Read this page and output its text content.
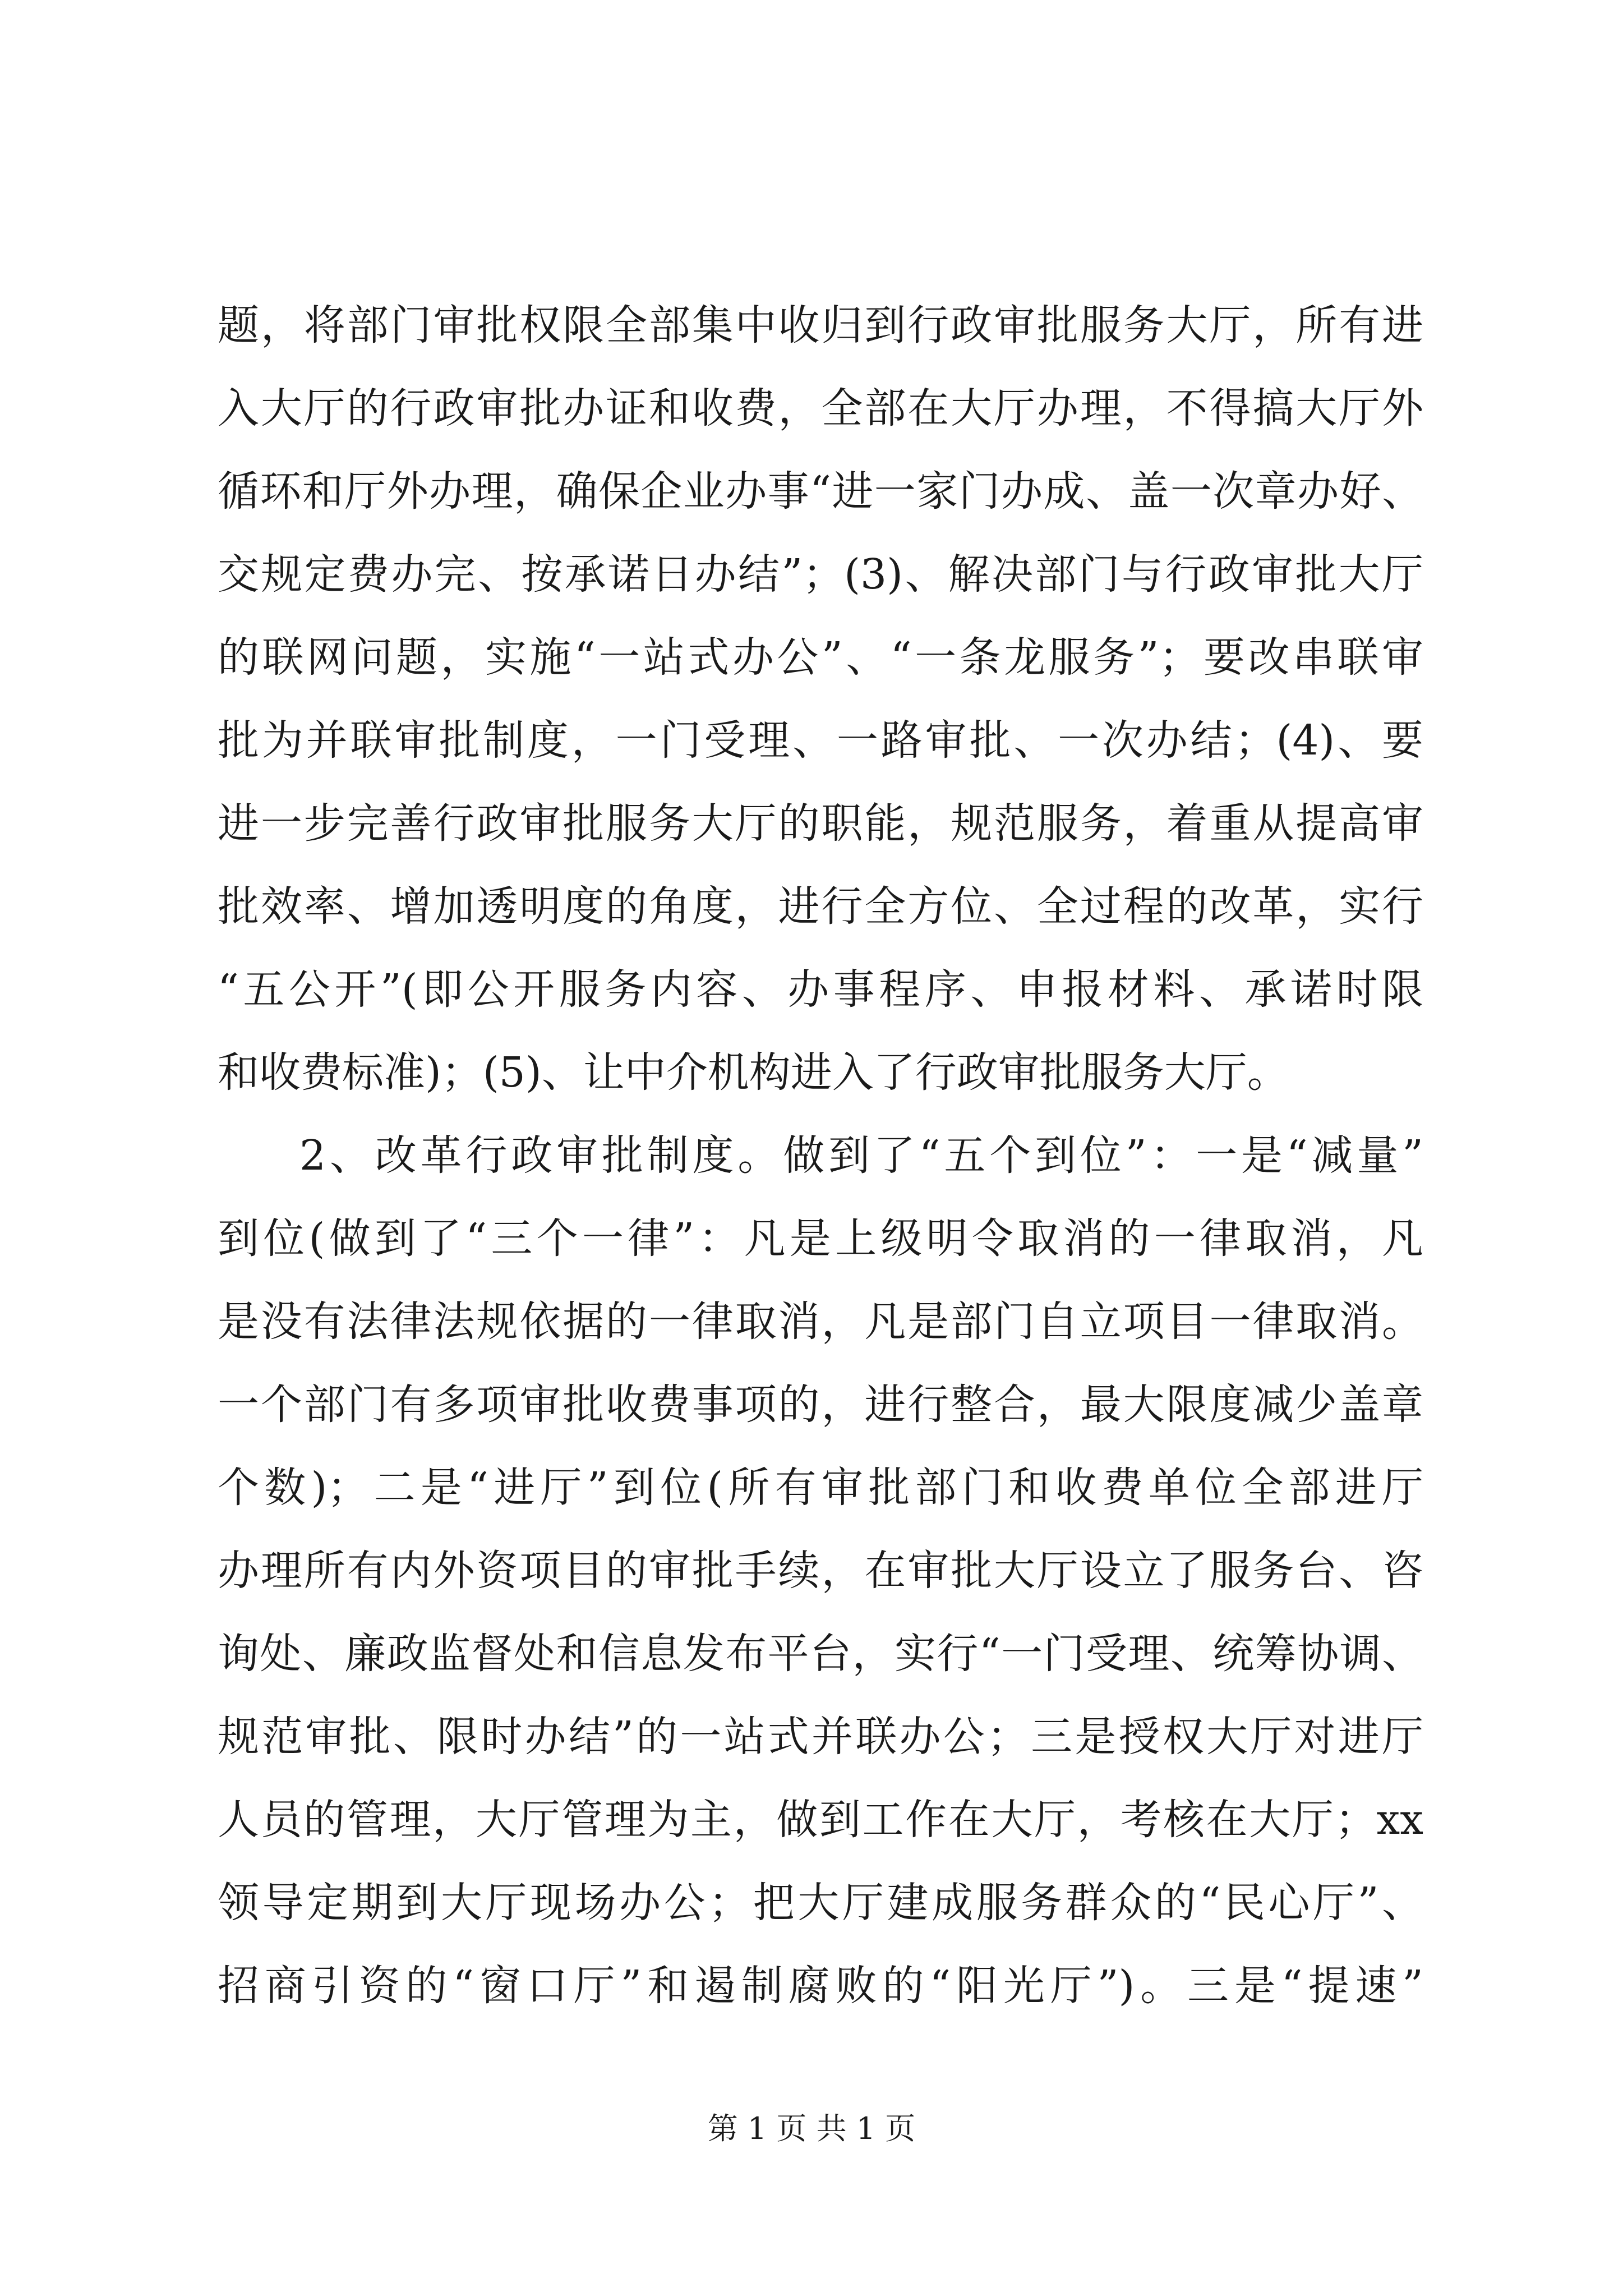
题，将部门审批权限全部集中收归到行政审批服务大厅，所有进
入大厅的行政审批办证和收费，全部在大厅办理，不得搞大厅外
循环和厅外办理，确保企业办事“进一家门办成、盖一次章办好、
交规定费办完、按承诺日办结”；(3)、解决部门与行政审批大厅
的联网问题，实施“一站式办公”、“一条龙服务”；要改串联审
批为并联审批制度，一门受理、一路审批、一次办结；(4)、要
进一步完善行政审批服务大厅的职能，规范服务，着重从提高审
批效率、增加透明度的角度，进行全方位、全过程的改革，实行
“五公开”(即公开服务内容、办事程序、申报材料、承诺时限
和收费标准)；(5)、让中介机构进入了行政审批服务大厅。
2、改革行政审批制度。做到了“五个到位”：一是“减量”
到位(做到了“三个一律”：凡是上级明令取消的一律取消，凡
是没有法律法规依据的一律取消，凡是部门自立项目一律取消。
一个部门有多项审批收费事项的，进行整合，最大限度减少盖章
个数)；二是“进厅”到位(所有审批部门和收费单位全部进厅
办理所有内外资项目的审批手续，在审批大厅设立了服务台、咨
询处、廉政监督处和信息发布平台，实行“一门受理、统筹协调、
规范审批、限时办结”的一站式并联办公；三是授权大厅对进厅
人员的管理，大厅管理为主，做到工作在大厅，考核在大厅；xx
领导定期到大厅现场办公；把大厅建成服务群众的“民心厅”、
招商引资的“窗口厅”和遏制腐败的“阳光厅”)。三是“提速”
第 1 页 共 1 页
